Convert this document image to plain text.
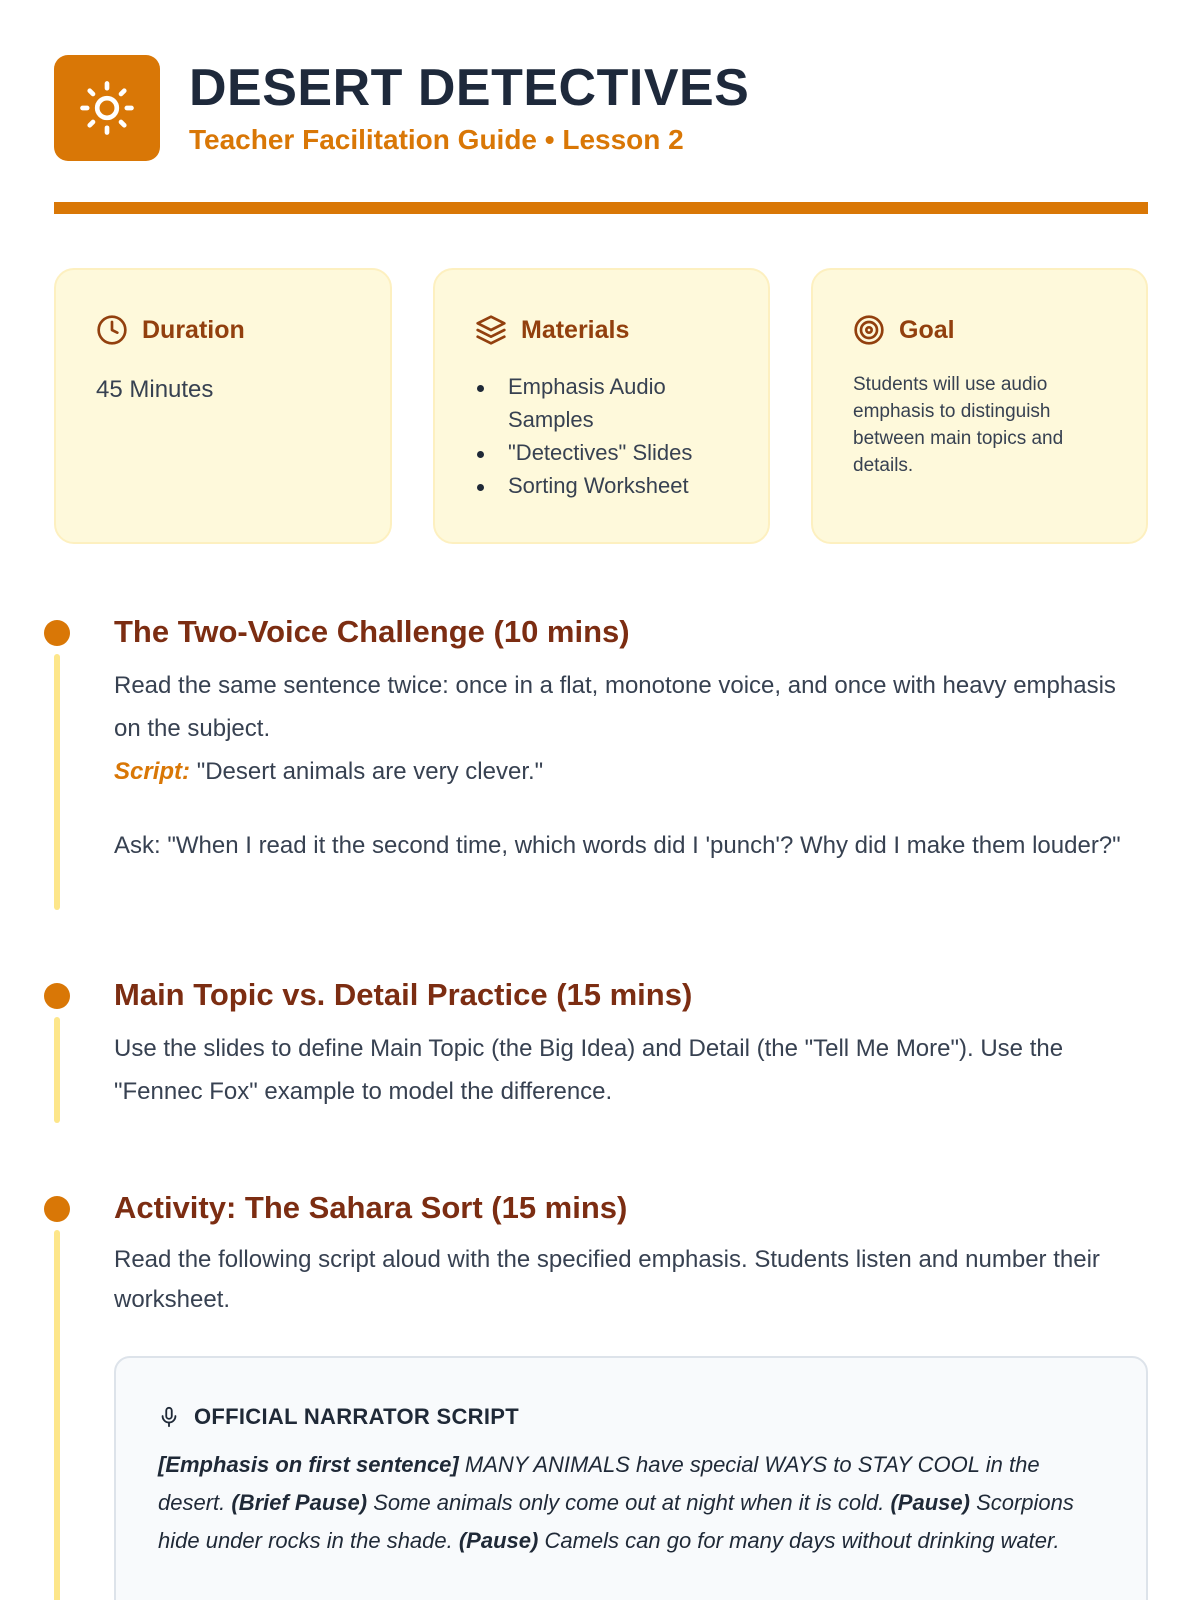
DESERT DETECTIVES
Teacher Facilitation Guide • Lesson 2
Duration
45 Minutes
Materials
Emphasis Audio Samples
"Detectives" Slides
Sorting Worksheet
Goal
Students will use audio emphasis to distinguish between main topics and details.
The Two-Voice Challenge (10 mins)
Read the same sentence twice: once in a flat, monotone voice, and once with heavy emphasis on the subject.
Script: "Desert animals are very clever."
Ask: "When I read it the second time, which words did I 'punch'? Why did I make them louder?"
Main Topic vs. Detail Practice (15 mins)
Use the slides to define Main Topic (the Big Idea) and Detail (the "Tell Me More"). Use the "Fennec Fox" example to model the difference.
Activity: The Sahara Sort (15 mins)
Read the following script aloud with the specified emphasis. Students listen and number their worksheet.
OFFICIAL NARRATOR SCRIPT
[Emphasis on first sentence] MANY ANIMALS have special WAYS to STAY COOL in the desert. (Brief Pause) Some animals only come out at night when it is cold. (Pause) Scorpions hide under rocks in the shade. (Pause) Camels can go for many days without drinking water.
